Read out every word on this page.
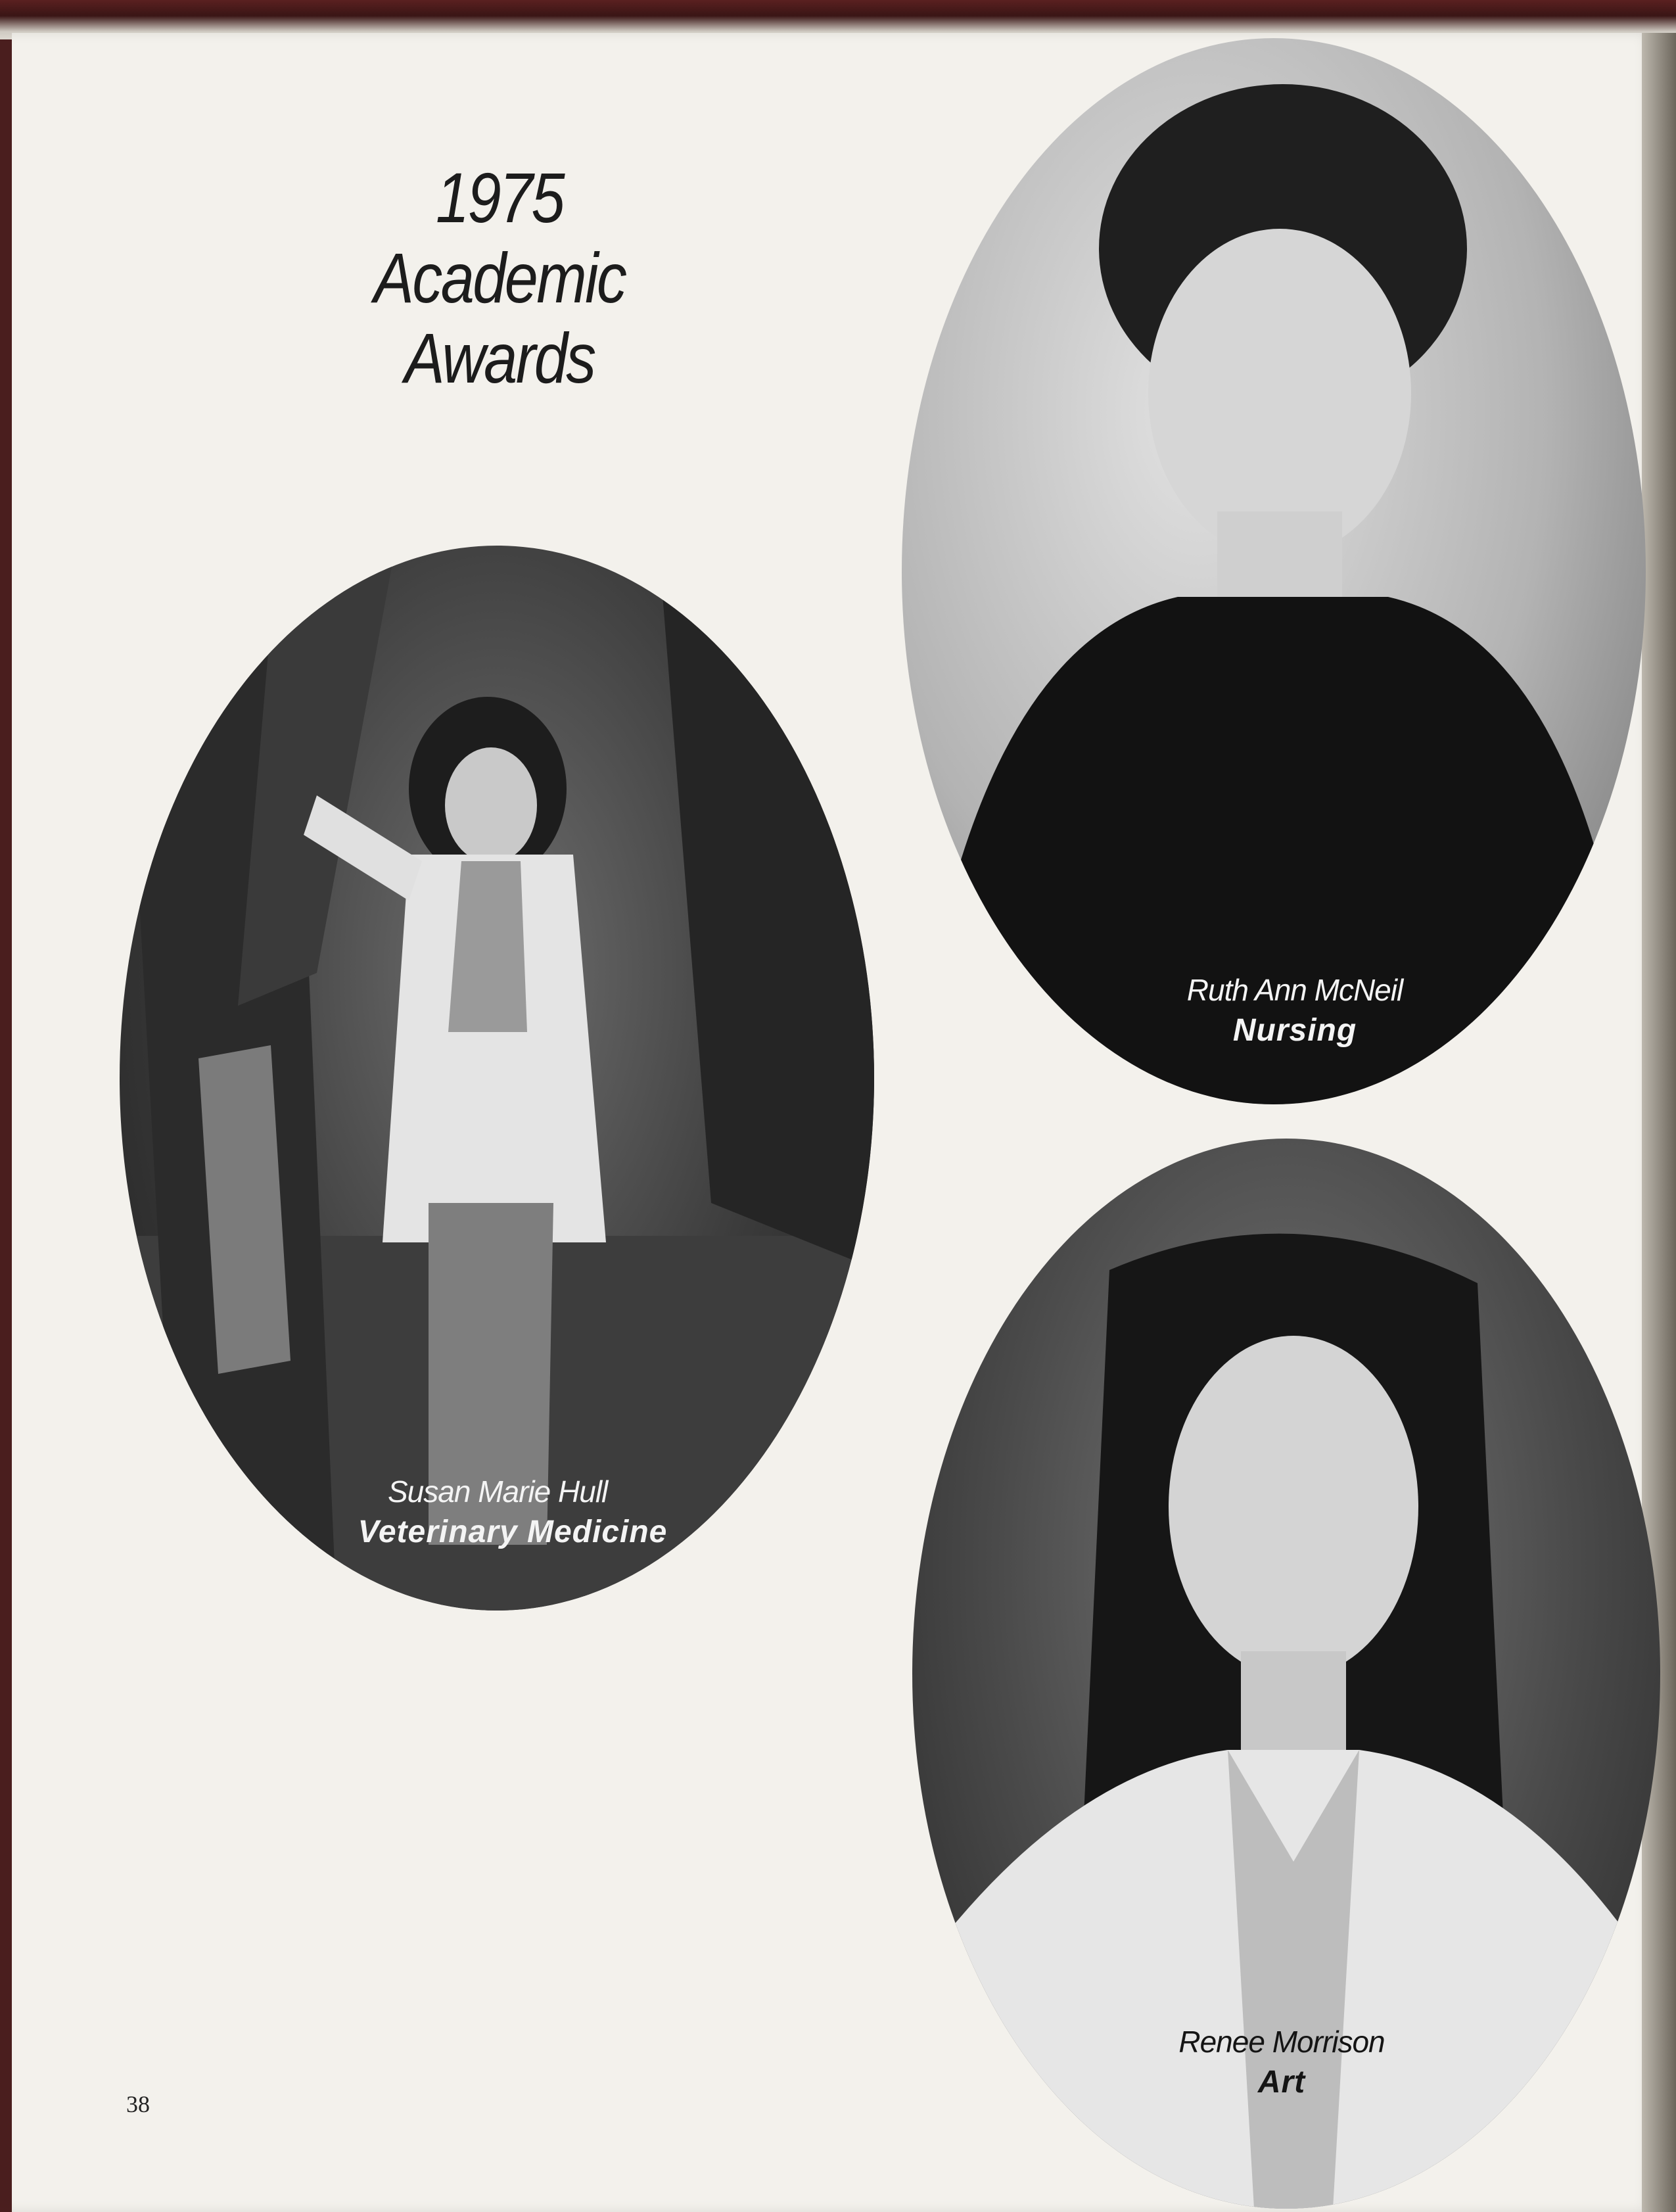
1975
Academic
Awards
Susan Marie Hull
Veterinary Medicine
Ruth Ann McNeil
Nursing
Renee Morrison
Art
38
